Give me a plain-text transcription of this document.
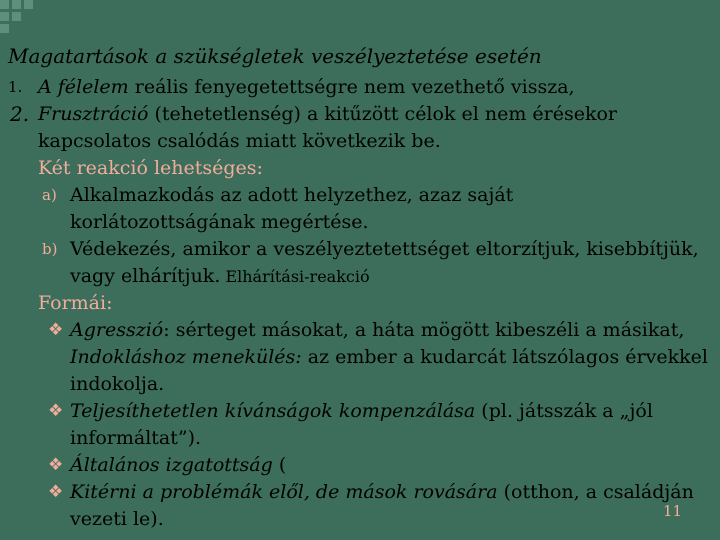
Magatartások a szükségletek veszélyeztetése esetén
1. A félelem reális fenyegetettségre nem vezethető vissza,
2. Frusztráció (tehetetlenség) a kitűzött célok el nem érésekor kapcsolatos csalódás miatt következik be.
Két reakció lehetséges:
a) Alkalmazkodás az adott helyzethez, azaz saját korlátozottságának megértése.
b) Védekezés, amikor a veszélyeztetettséget eltorzítjuk, kisebbítjük, vagy elhárítjuk. Elhárítási-reakció
Formái:
❖ Agresszió: sérteget másokat, a háta mögött kibeszéli a másikat, Indokláshoz menekülés: az ember a kudarcát látszólagos érvekkel indokolja.
❖ Teljesíthetetlen kívánságok kompenzálása (pl. játsszák a „jól informáltat”).
❖ Általános izgatottság (
❖ Kitérni a problémák elől, de mások rovására (otthon, a családján vezeti le).	11
